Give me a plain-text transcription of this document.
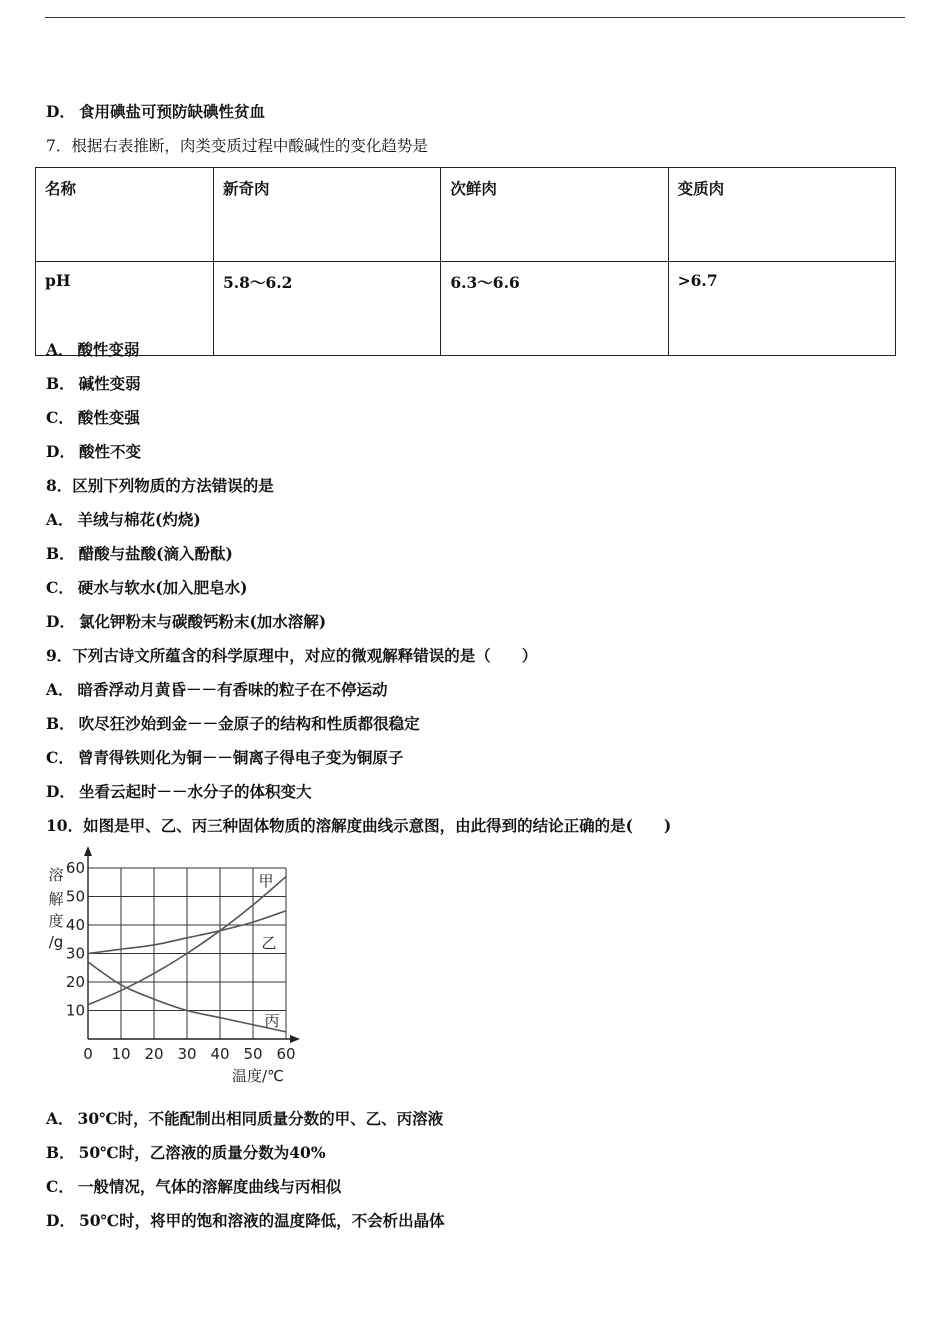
D． 食用碘盐可预防缺碘性贫血
7．根据右表推断，肉类变质过程中酸碱性的变化趋势是
名称	新奇肉	次鲜肉	变质肉
pH	5.8～6.2	6.3～6.6	>6.7
A． 酸性变弱
B． 碱性变弱
C． 酸性变强
D． 酸性不变
8．区别下列物质的方法错误的是
A． 羊绒与棉花(灼烧)
B． 醋酸与盐酸(滴入酚酞)
C． 硬水与软水(加入肥皂水)
D． 氯化钾粉末与碳酸钙粉末(加水溶解)
9．下列古诗文所蕴含的科学原理中，对应的微观解释错误的是（　　）
A． 暗香浮动月黄昏－－有香味的粒子在不停运动
B． 吹尽狂沙始到金－－金原子的结构和性质都很稳定
C． 曾青得铁则化为铜－－铜离子得电子变为铜原子
D． 坐看云起时－－水分子的体积变大
10．如图是甲、乙、丙三种固体物质的溶解度曲线示意图，由此得到的结论正确的是(　　)
0 10 20 30 40 50 60
10
20
30
40
50
60
溶
解
度
/g
温度/℃
甲
乙
丙
A． 30℃时，不能配制出相同质量分数的甲、乙、丙溶液
B． 50℃时，乙溶液的质量分数为40%
C． 一般情况，气体的溶解度曲线与丙相似
D． 50℃时，将甲的饱和溶液的温度降低，不会析出晶体
